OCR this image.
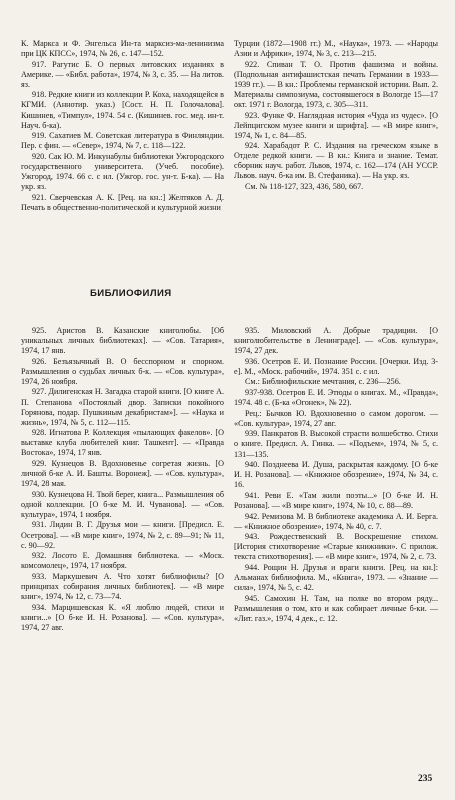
К. Маркса и Ф. Энгельса Ин-та марксиз-ма-ленинизма при ЦК КПСС», 1974, № 26, с. 147—152.

917. Рагутис Б. О первых литовских изданиях в Америке. — «Библ. работа», 1974, № 3, с. 35. — На литов. яз.

918. Редкие книги из коллекции Р. Коха, находящейся в КГМИ. (Аннотир. указ.) [Сост. Н. П. Голочалова]. Кишинев, «Тимпул», 1974. 54 с. (Кишинев. гос. мед. ин-т. Науч. б-ка).

919. Сахатиев М. Советская литература в Финляндии. Пер. с фин. — «Север», 1974, № 7, с. 118—122.

920. Сак Ю. М. Инкунабулы библиотеки Ужгородского государственного университета. (Учеб. пособие). Ужгород, 1974. 66 с. с ил. (Ужгор. гос. ун-т. Б-ка). — На укр. яз.

921. Сверчевская А. К. [Рец. на кн.:] Желтяков А. Д. Печать в общественно-политической и культурной жизни

Турции (1872—1908 гг.) М., «Наука», 1973. — «Народы Азии и Африки», 1974, № 3, с. 213—215.

922. Спиван Т. О. Против фашизма и войны. (Подпольная антифашистская печать Германии в 1933—1939 гг.). — В кн.: Проблемы германской истории. Вып. 2. Материалы симпозиума, состоявшегося в Вологде 15—17 окт. 1971 г. Вологда, 1973, с. 305—311.

923. Функе Ф. Наглядная история «Чуда из чудес». [О Лейпцигском музее книги и шрифта]. — «В мире книг», 1974, № 1, с. 84—85.

924. Харабадот Р. С. Издания на греческом языке в Отделе редкой книги. — В кн.: Книга и знание. Темат. сборник науч. работ. Львов, 1974, с. 162—174 (АН УССР. Львов. науч. б-ка им. В. Стефаника). — На укр. яз.

См. № 118-127, 323, 436, 580, 667.

БИБЛИОФИЛИЯ

925. Аристов В. Казанские книголюбы. [Об уникальных личных библиотеках]. — «Сов. Татария», 1974, 17 янв.

926. Безъязычный В. О бесспорном и спорном. Размышления о судьбах личных б-к. — «Сов. культура», 1974, 26 ноября.

927. Дилигенская Н. Загадка старой книги. [О книге А. П. Степанова «Постоялый двор. Записки покойного Горянова, подар. Пушкиным декабристам»]. — «Наука и жизнь», 1974, № 5, с. 112—115.

928. Игнатова Р. Коллекция «пылающих факелов». [О выставке клуба любителей книг. Ташкент]. — «Правда Востока», 1974, 17 янв.

929. Кузнецов В. Вдохновенье согретая жизнь. [О личной б-ке А. И. Башты. Воронеж]. — «Сов. культура», 1974, 28 мая.

930. Кузнецова Н. Твой берег, книга... Размышления об одной коллекции. [О б-ке М. И. Чуванова]. — «Сов. культура», 1974, 1 ноября.

931. Лидин В. Г. Друзья мои — книги. [Предисл. Е. Осетрова]. — «В мире книг», 1974, № 2, с. 89—91; № 11, с. 90—92.

932. Лосото Е. Домашняя библиотека. — «Моск. комсомолец», 1974, 17 ноября.

933. Маркушевич А. Что хотят библиофилы? [О принципах собирания личных библиотек]. — «В мире книг», 1974, № 12, с. 73—74.

934. Марцишевская К. «Я люблю людей, стихи и книги...» [О б-ке И. Н. Розанова]. — «Сов. культура», 1974, 27 авг.

935. Миловский А. Добрые традиции. [О книголюбительстве в Ленинграде]. — «Сов. культура», 1974, 27 дек.

936. Осетров Е. И. Познание России. [Очерки. Изд. 3-е]. М., «Моск. рабочий», 1974. 351 с. с ил.

См.: Библиофильские мечтания, с. 236—256.

937-938. Осетров Е. И. Этюды о книгах. М., «Правда», 1974. 48 с. (Б-ка «Огонек», № 22).

Рец.: Бычков Ю. Вдохновенно о самом дорогом. — «Сов. культура», 1974, 27 авг.

939. Панкратов В. Высокой страсти волшебство. Стихи о книге. Предисл. А. Гинка. — «Подъем», 1974, № 5, с. 131—135.

940. Позднеева И. Душа, раскрытая каждому. [О б-ке И. Н. Розанова]. — «Книжное обозрение», 1974, № 34, с. 16.

941. Реви Е. «Там жили поэты...» [О б-ке И. Н. Розанова]. — «В мире книг», 1974, № 10, с. 88—89.

942. Ремизова М. В библиотеке академика А. И. Берга. — «Книжное обозрение», 1974, № 40, с. 7.

943. Рождественский В. Воскрешение стихом. [История стихотворение «Старые книжники». С прилож. текста стихотворения]. — «В мире книг», 1974, № 2, с. 73.

944. Рощин Н. Друзья и враги книги. [Рец. на кн.]: Альманах библиофила. М., «Книга», 1973. — «Знание — сила», 1974, № 5, с. 42.

945. Самохин Н. Там, на полке во втором ряду... Размышления о том, кто и как собирает личные б-ки. — «Лит. газ.», 1974, 4 дек., с. 12.

235
